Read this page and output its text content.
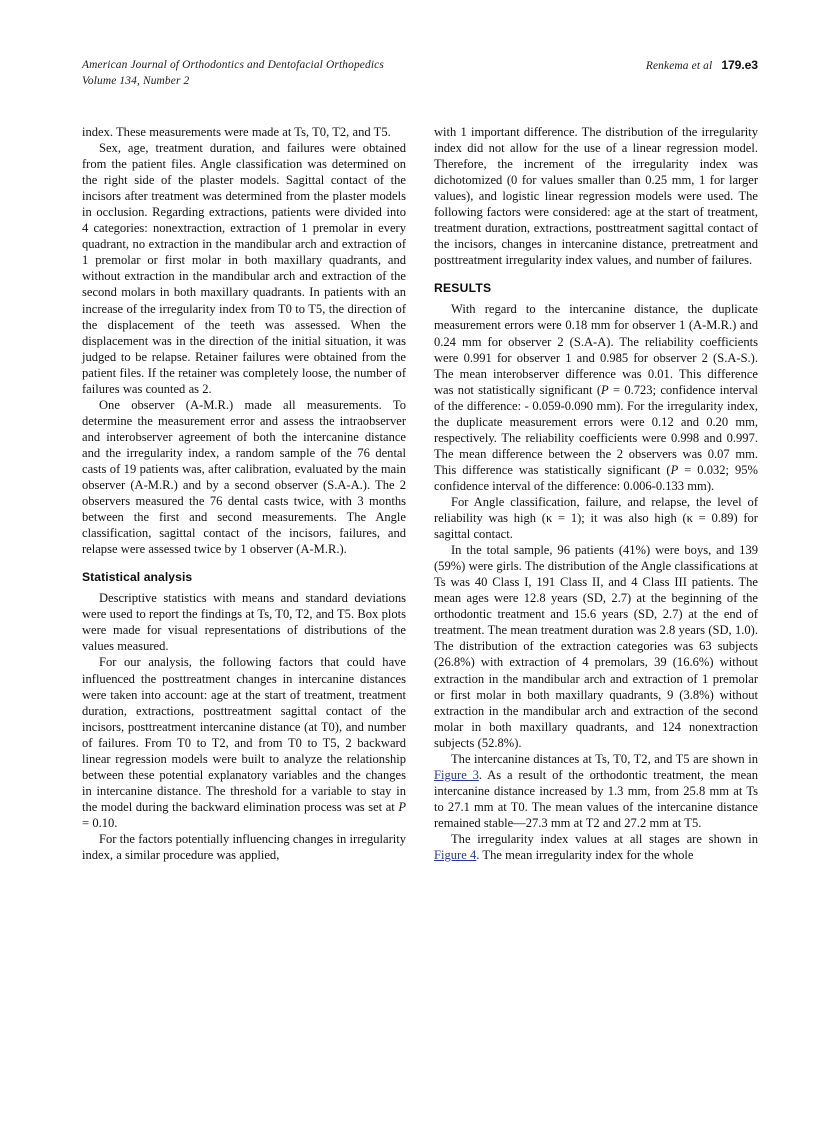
American Journal of Orthodontics and Dentofacial Orthopedics
Volume 134, Number 2
Renkema et al 179.e3

index. These measurements were made at Ts, T0, T2, and T5.

Sex, age, treatment duration, and failures were obtained from the patient files. Angle classification was determined on the right side of the plaster models. Sagittal contact of the incisors after treatment was determined from the plaster models in occlusion. Regarding extractions, patients were divided into 4 categories: nonextraction, extraction of 1 premolar in every quadrant, no extraction in the mandibular arch and extraction of 1 premolar or first molar in both maxillary quadrants, and without extraction in the mandibular arch and extraction of the second molars in both maxillary quadrants. In patients with an increase of the irregularity index from T0 to T5, the direction of the displacement of the teeth was assessed. When the displacement was in the direction of the initial situation, it was judged to be relapse. Retainer failures were obtained from the patient files. If the retainer was completely loose, the number of failures was counted as 2.

One observer (A-M.R.) made all measurements. To determine the measurement error and assess the intraobserver and interobserver agreement of both the intercanine distance and the irregularity index, a random sample of the 76 dental casts of 19 patients was, after calibration, evaluated by the main observer (A-M.R.) and by a second observer (S.A-A.). The 2 observers measured the 76 dental casts twice, with 3 months between the first and second measurements. The Angle classification, sagittal contact of the incisors, failures, and relapse were assessed twice by 1 observer (A-M.R.).

Statistical analysis

Descriptive statistics with means and standard deviations were used to report the findings at Ts, T0, T2, and T5. Box plots were made for visual representations of distributions of the values measured.

For our analysis, the following factors that could have influenced the posttreatment changes in intercanine distances were taken into account: age at the start of treatment, treatment duration, extractions, posttreatment sagittal contact of the incisors, posttreatment intercanine distance (at T0), and number of failures. From T0 to T2, and from T0 to T5, 2 backward linear regression models were built to analyze the relationship between these potential explanatory variables and the changes in intercanine distance. The threshold for a variable to stay in the model during the backward elimination process was set at P = 0.10.

For the factors potentially influencing changes in irregularity index, a similar procedure was applied,

with 1 important difference. The distribution of the irregularity index did not allow for the use of a linear regression model. Therefore, the increment of the irregularity index was dichotomized (0 for values smaller than 0.25 mm, 1 for larger values), and logistic linear regression models were used. The following factors were considered: age at the start of treatment, treatment duration, extractions, posttreatment sagittal contact of the incisors, changes in intercanine distance, pretreatment and posttreatment irregularity index values, and number of failures.

RESULTS

With regard to the intercanine distance, the duplicate measurement errors were 0.18 mm for observer 1 (A-M.R.) and 0.24 mm for observer 2 (S.A-A). The reliability coefficients were 0.991 for observer 1 and 0.985 for observer 2 (S.A-S.). The mean interobserver difference was 0.01. This difference was not statistically significant (P = 0.723; confidence interval of the difference: - 0.059-0.090 mm). For the irregularity index, the duplicate measurement errors were 0.12 and 0.20 mm, respectively. The reliability coefficients were 0.998 and 0.997. The mean difference between the 2 observers was 0.07 mm. This difference was statistically significant (P = 0.032; 95% confidence interval of the difference: 0.006-0.133 mm).

For Angle classification, failure, and relapse, the level of reliability was high (κ = 1); it was also high (κ = 0.89) for sagittal contact.

In the total sample, 96 patients (41%) were boys, and 139 (59%) were girls. The distribution of the Angle classifications at Ts was 40 Class I, 191 Class II, and 4 Class III patients. The mean ages were 12.8 years (SD, 2.7) at the beginning of the orthodontic treatment and 15.6 years (SD, 2.7) at the end of treatment. The mean treatment duration was 2.8 years (SD, 1.0). The distribution of the extraction categories was 63 subjects (26.8%) with extraction of 4 premolars, 39 (16.6%) without extraction in the mandibular arch and extraction of 1 premolar or first molar in both maxillary quadrants, 9 (3.8%) without extraction in the mandibular arch and extraction of the second molar in both maxillary quadrants, and 124 nonextraction subjects (52.8%).

The intercanine distances at Ts, T0, T2, and T5 are shown in Figure 3. As a result of the orthodontic treatment, the mean intercanine distance increased by 1.3 mm, from 25.8 mm at Ts to 27.1 mm at T0. The mean values of the intercanine distance remained stable—27.3 mm at T2 and 27.2 mm at T5.

The irregularity index values at all stages are shown in Figure 4. The mean irregularity index for the whole
